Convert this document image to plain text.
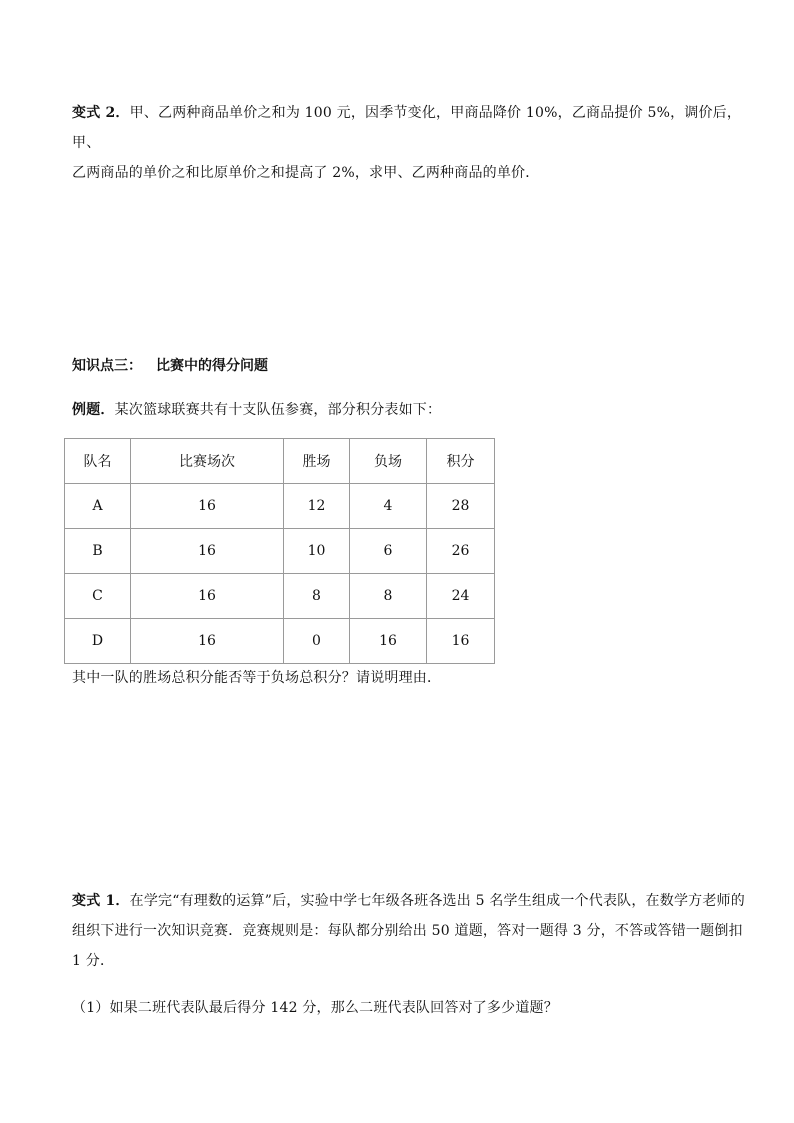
变式 2．甲、乙两种商品单价之和为 100 元，因季节变化，甲商品降价 10%，乙商品提价 5%，调价后，甲、
乙两商品的单价之和比原单价之和提高了 2%，求甲、乙两种商品的单价．
知识点三： 比赛中的得分问题
例题．某次篮球联赛共有十支队伍参赛，部分积分表如下：
队名	比赛场次	胜场	负场	积分
A	16	12	4	28
B	16	10	6	26
C	16	8	8	24
D	16	0	16	16
其中一队的胜场总积分能否等于负场总积分？请说明理由．
变式 1．在学完“有理数的运算”后，实验中学七年级各班各选出 5 名学生组成一个代表队，在数学方老师的
组织下进行一次知识竞赛．竞赛规则是：每队都分别给出 50 道题，答对一题得 3 分，不答或答错一题倒扣
1 分．
（1）如果二班代表队最后得分 142 分，那么二班代表队回答对了多少道题？
